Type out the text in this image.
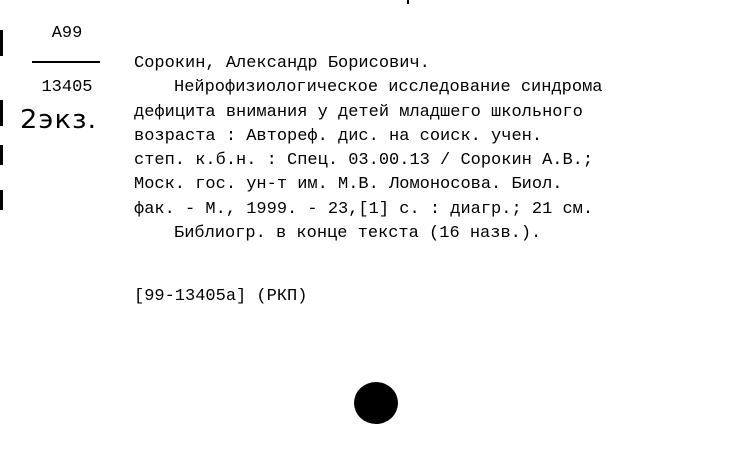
А99
13405
2экз.
Сорокин, Александр Борисович.
Нейрофизиологическое исследование синдрома
дефицита внимания у детей младшего школьного
возраста : Автореф. дис. на соиск. учен.
степ. к.б.н. : Спец. 03.00.13 / Сорокин А.В.;
Моск. гос. ун-т им. М.В. Ломоносова. Биол.
фак. - М., 1999. - 23,[1] с. : диагр.; 21 см.
Библиогр. в конце текста (16 назв.).
[99-13405a] (РКП)
